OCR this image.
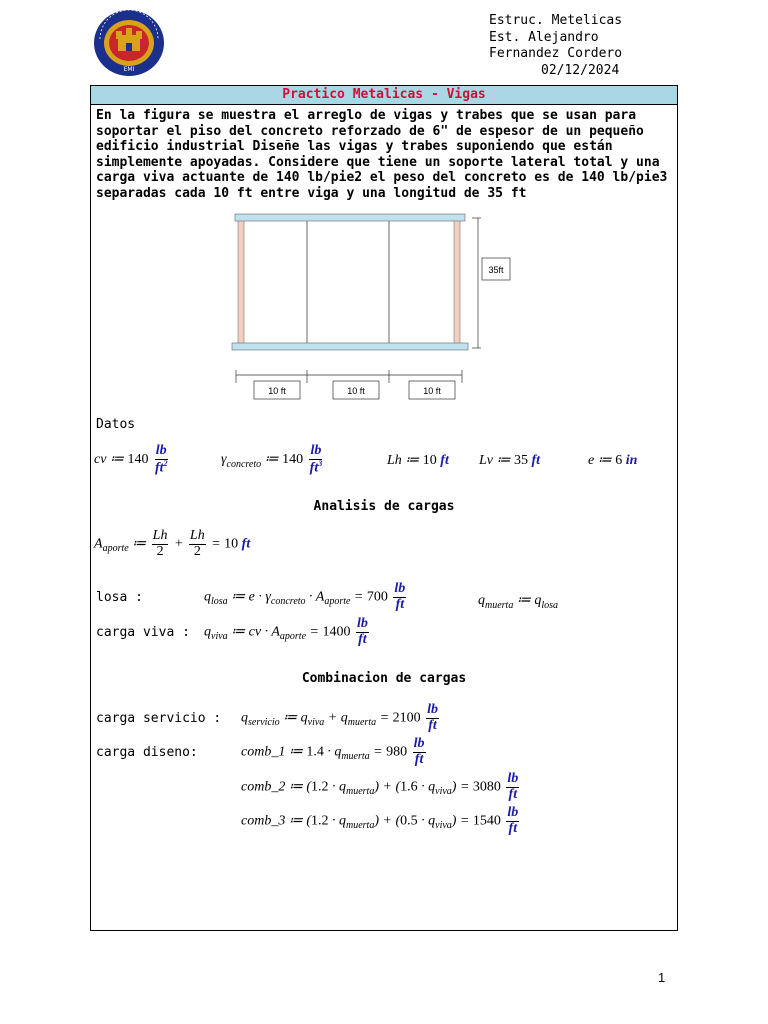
EMI
Estruc. Metelicas
Est. Alejandro
Fernandez Cordero
02/12/2024
Practico Metalicas - Vigas
En la figura se muestra el arreglo de vigas y trabes que se usan para
soportar el piso del concreto reforzado de 6" de espesor de un pequeño
edificio industrial Diseñe las vigas y trabes suponiendo que están
simplemente apoyadas. Considere que tiene un soporte lateral total y una
carga viva actuante de 140 lb/pie2 el peso del concreto es de 140 lb/pie3
separadas cada 10 ft entre viga y una longitud de 35 ft
35ft
10 ft	10 ft	10 ft
Datos
cv ≔ $140 \frac{lb}{ft^2}$	$\gamma_{concreto}$ ≔ $140 \frac{lb}{ft^3}$	Lh ≔ 10 ft Lv ≔ 35 ft	e ≔ 6 in
Analisis de cargas
$A_{aporte}$ ≔ $\frac{Lh}{2} + \frac{Lh}{2} = 10$ ft
losa :	$q_{losa}$ ≔ $e \cdot \gamma_{concreto} \cdot A_{aporte} = 700 \frac{lb}{ft}$	$q_{muerta}$ ≔ $q_{losa}$
carga viva : $q_{viva}$ ≔ cv · $A_{aporte} = 1400 \frac{lb}{ft}$
Combinacion de cargas
carga servicio : $q_{servicio}$ ≔ $q_{viva} + q_{muerta} = 2100 \frac{lb}{ft}$
carga diseno:	comb_1 ≔ $1.4 \cdot q_{muerta} = 980 \frac{lb}{ft}$
comb_2 ≔ $(1.2 \cdot q_{muerta}) + (1.6 \cdot q_{viva}) = 3080 \frac{lb}{ft}$
comb_3 ≔ $(1.2 \cdot q_{muerta}) + (0.5 \cdot q_{viva}) = 1540 \frac{lb}{ft}$
1
